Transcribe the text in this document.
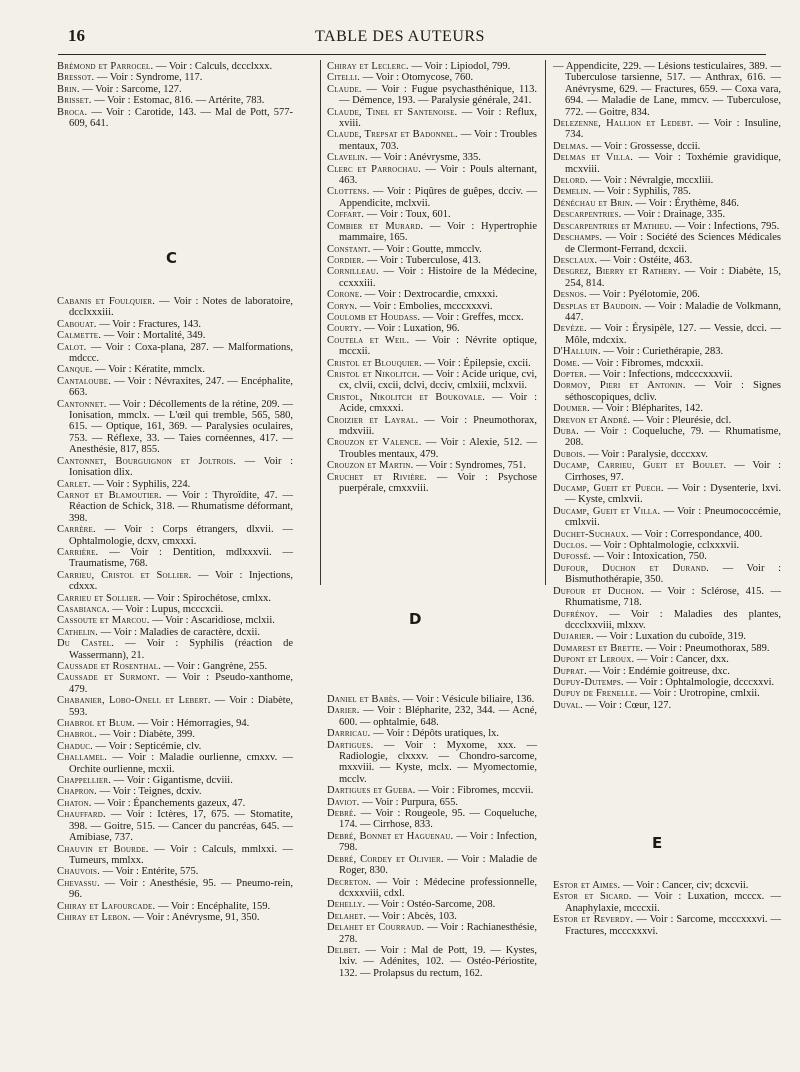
16	TABLE DES AUTEURS
C
D
E

Brémond et Parrocel. — Voir : Calculs, dccclxxx.

Bressot. — Voir : Syndrome, 117.

Brin. — Voir : Sarcome, 127.

Brisset. — Voir : Estomac, 816. — Artérite, 783.

Broca. — Voir : Carotide, 143. — Mal de Pott, 577-609, 641.

Cabanis et Foulquier. — Voir : Notes de laboratoire, dcclxxxiii.

Cabouat. — Voir : Fractures, 143.

Calmette. — Voir : Mortalité, 349.

Calot. — Voir : Coxa-plana, 287. — Malformations, mdccc.

Canque. — Voir : Kératite, mmclx.

Cantaloube. — Voir : Névraxites, 247. — Encéphalite, 663.

Cantonnet. — Voir : Décollements de la rétine, 209. — Ionisation, mmclx. — L'œil qui tremble, 565, 580, 615. — Optique, 161, 369. — Paralysies oculaires, 753. — Réflexe, 33. — Taies cornéennes, 417. — Anesthésie, 817, 855.

Cantonnet, Bourguignon et Joltrois. — Voir : Ionisation dlix.

Carlet. — Voir : Syphilis, 224.

Carnot et Blamoutier. — Voir : Thyroïdite, 47. — Réaction de Schick, 318. — Rhumatisme déformant, 398.

Carrère. — Voir : Corps étrangers, dlxvii. — Ophtalmologie, dcxv, cmxxxi.

Carrière. — Voir : Dentition, mdlxxxvii. — Traumatisme, 768.

Carrieu, Cristol et Sollier. — Voir : Injections, cdxxx.

Carrieu et Sollier. — Voir : Spirochétose, cmlxx.

Casabianca. — Voir : Lupus, mcccxcii.

Cassoute et Marcou. — Voir : Ascaridiose, mclxii.

Cathelin. — Voir : Maladies de caractère, dcxii.

Du Castel. — Voir : Syphilis (réaction de Wassermann), 21.

Caussade et Rosenthal. — Voir : Gangrène, 255.

Caussade et Surmont. — Voir : Pseudo-xanthome, 479.

Chabanier, Lobo-Onell et Lebert. — Voir : Diabète, 593.

Chabrol et Blum. — Voir : Hémorragies, 94.

Chabrol. — Voir : Diabète, 399.

Chaduc. — Voir : Septicémie, clv.

Challamel. — Voir : Maladie ourlienne, cmxxv. — Orchite ourlienne, mcxii.

Chappellier. — Voir : Gigantisme, dcviii.

Chapron. — Voir : Teignes, dcxiv.

Chaton. — Voir : Épanchements gazeux, 47.

Chauffard. — Voir : Ictères, 17, 675. — Stomatite, 398. — Goitre, 515. — Cancer du pancréas, 645. — Amibiase, 737.

Chauvin et Bourde. — Voir : Calculs, mmlxxi. — Tumeurs, mmlxx.

Chauvois. — Voir : Entérite, 575.

Chevassu. — Voir : Anesthésie, 95. — Pneumo-rein, 96.

Chiray et Lafourcade. — Voir : Encéphalite, 159.

Chiray et Lebon. — Voir : Anévrysme, 91, 350.

Chiray et Leclerc. — Voir : Lipiodol, 799.

Citelli. — Voir : Otomycose, 760.

Claude. — Voir : Fugue psychasthénique, 113. — Démence, 193. — Paralysie générale, 241.

Claude, Tinel et Santenoise. — Voir : Reflux, xviii.

Claude, Trepsat et Badonnel. — Voir : Troubles mentaux, 703.

Clavelin. — Voir : Anévrysme, 335.

Clerc et Parrochau. — Voir : Pouls alternant, 463.

Clottens. — Voir : Piqûres de guêpes, dcciv. — Appendicite, mclxvii.

Coffart. — Voir : Toux, 601.

Combier et Murard. — Voir : Hypertrophie mammaire, 165.

Constant. — Voir : Goutte, mmcclv.

Cordier. — Voir : Tuberculose, 413.

Cornilleau. — Voir : Histoire de la Médecine, ccxxxiii.

Corone. — Voir : Dextrocardie, cmxxxi.

Coryn. — Voir : Embolies, mcccxxxvi.

Coulomb et Houdass. — Voir : Greffes, mccx.

Courty. — Voir : Luxation, 96.

Coutela et Weil. — Voir : Névrite optique, mccxii.

Cristol et Blouquier. — Voir : Épilepsie, cxcii.

Cristol et Nikolitch. — Voir : Acide urique, cvi, cx, clvii, cxcii, dclvi, dcciv, cmlxiii, mclxvii.

Cristol, Nikolitch et Boukovale. — Voir : Acide, cmxxxi.

Croizier et Layral. — Voir : Pneumothorax, mdxviii.

Crouzon et Valence. — Voir : Alexie, 512. — Troubles mentaux, 479.

Crouzon et Martin. — Voir : Syndromes, 751.

Cruchet et Rivière. — Voir : Psychose puerpérale, cmxxviii.

Daniel et Babès. — Voir : Vésicule biliaire, 136.

Darier. — Voir : Blépharite, 232, 344. — Acné, 600. — ophtalmie, 648.

Darricau. — Voir : Dépôts uratiques, lx.

Dartigues. — Voir : Myxome, xxx. — Radiologie, clxxxv. — Chondro-sarcome, mxxviii. — Kyste, mclx. — Myomectomie, mcclv.

Dartigues et Gueba. — Voir : Fibromes, mccvii.

Daviot. — Voir : Purpura, 655.

Debré. — Voir : Rougeole, 95. — Coqueluche, 174. — Cirrhose, 833.

Debré, Bonnet et Haguenau. — Voir : Infection, 798.

Debré, Cordey et Olivier. — Voir : Maladie de Roger, 830.

Decreton. — Voir : Médecine professionnelle, dcxxxviii, cdxl.

Dehelly. — Voir : Ostéo-Sarcome, 208.

Delahet. — Voir : Abcès, 103.

Delahet et Courraud. — Voir : Rachianesthésie, 278.

Delbet. — Voir : Mal de Pott, 19. — Kystes, lxiv. — Adénites, 102. — Ostéo-Périostite, 132. — Prolapsus du rectum, 162.

— Appendicite, 229. — Lésions testiculaires, 389. — Tuberculose tarsienne, 517. — Anthrax, 616. — Anévrysme, 629. — Fractures, 659. — Coxa vara, 694. — Maladie de Lane, mmcv. — Tuberculose, 772. — Goitre, 834.

Delezenne, Hallion et Ledebt. — Voir : Insuline, 734.

Delmas. — Voir : Grossesse, dccii.

Delmas et Villa. — Voir : Toxhémie gravidique, mcxviii.

Delord. — Voir : Névralgie, mccxliii.

Demelin. — Voir : Syphilis, 785.

Dénéchau et Brin. — Voir : Érythème, 846.

Descarpentries. — Voir : Drainage, 335.

Descarpentries et Mathieu. — Voir : Infections, 795.

Deschamps. — Voir : Société des Sciences Médicales de Clermont-Ferrand, dcxcii.

Desclaux. — Voir : Ostéite, 463.

Desgrez, Bierry et Rathery. — Voir : Diabète, 15, 254, 814.

Desnos. — Voir : Pyélotomie, 206.

Desplas et Baudoin. — Voir : Maladie de Volkmann, 447.

Devèze. — Voir : Érysipèle, 127. — Vessie, dcci. — Môle, mdcxix.

D'Halluin. — Voir : Curiethérapie, 283.

Dome. — Voir : Fibromes, mdcxxii.

Dopter. — Voir : Infections, mdcccxxxvii.

Dormoy, Pieri et Antonin. — Voir : Signes séthoscopiques, dcliv.

Doumer. — Voir : Blépharites, 142.

Drevon et André. — Voir : Pleurésie, dcl.

Duba. — Voir : Coqueluche, 79. — Rhumatisme, 208.

Dubois. — Voir : Paralysie, dcccxxv.

Ducamp, Carrieu, Gueit et Boulet. — Voir : Cirrhoses, 97.

Ducamp, Gueit et Puech. — Voir : Dysenterie, lxvi. — Kyste, cmlxvii.

Ducamp, Gueit et Villa. — Voir : Pneumococcémie, cmlxvii.

Duchet-Suchaux. — Voir : Correspondance, 400.

Duclos. — Voir : Ophtalmologie, cclxxxvii.

Dufossé. — Voir : Intoxication, 750.

Dufour, Duchon et Durand. — Voir : Bismuthothérapie, 350.

Dufour et Duchon. — Voir : Sclérose, 415. — Rhumatisme, 718.

Dufrénoy. — Voir : Maladies des plantes, dccclxxviii, mlxxv.

Dujarier. — Voir : Luxation du cuboïde, 319.

Dumarest et Brette. — Voir : Pneumothorax, 589.

Dupont et Leroux. — Voir : Cancer, dxx.

Duprat. — Voir : Endémie goitreuse, dxc.

Dupuy-Dutemps. — Voir : Ophtalmologie, dcccxxvi.

Dupuy de Frenelle. — Voir : Urotropine, cmlxii.

Duval. — Voir : Cœur, 127.

Estor et Aimes. — Voir : Cancer, civ; dcxcvii.

Estor et Sicard. — Voir : Luxation, mcccx. — Anaphylaxie, mcccxii.

Estor et Reverdy. — Voir : Sarcome, mcccxxxvi. — Fractures, mcccxxxvi.
